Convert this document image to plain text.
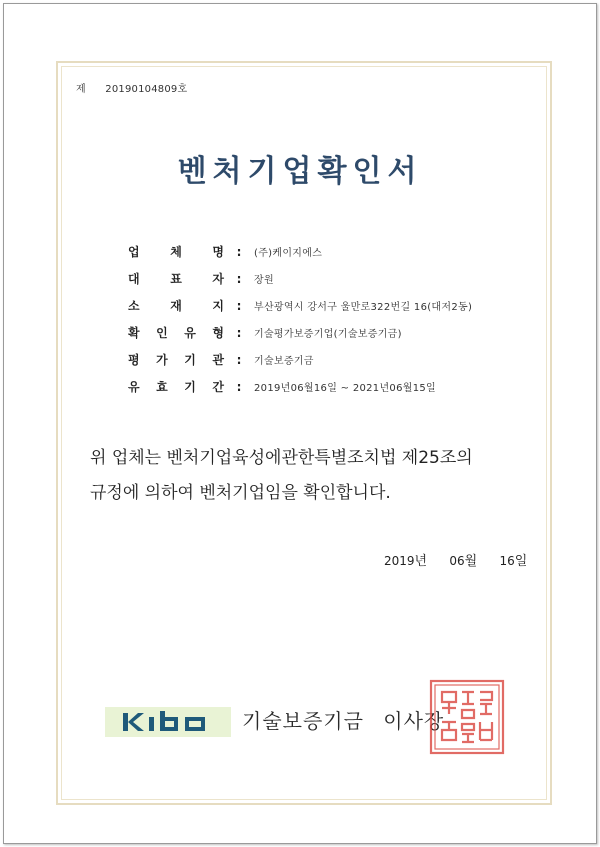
제 20190104809호
벤처기업확인서
업	체	명	:	(주)케이지에스
대	표	자	:	장원
소	재	지	:	부산광역시 강서구 울만로322번길 16(대저2동)
확 인 유 형	:	기술평가보증기업(기술보증기금)
평 가 기 관	:	기술보증기금
유 효 기 간	:	2019년06월16일 ~ 2021년06월15일

위 업체는 벤처기업육성에관한특별조치법 제25조의

규정에 의하여 벤처기업임을 확인합니다.

2019년 06월 16일
기술보증기금 이사장
